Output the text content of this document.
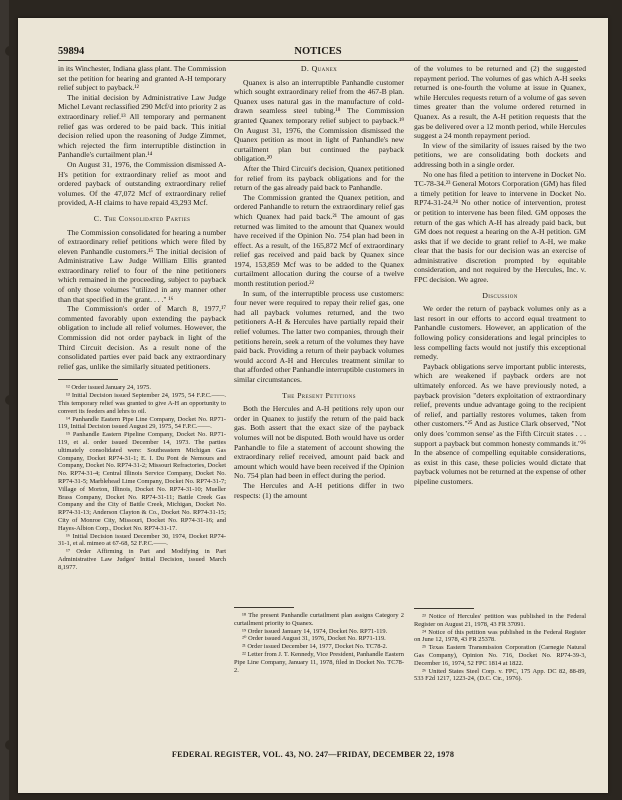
59894	NOTICES

in its Winchester, Indiana glass plant. The Commission set the petition for hearing and granted A-H temporary relief subject to payback.¹²

The initial decision by Administrative Law Judge Michel Levant reclassified 290 Mcf/d into priority 2 as extraordinary relief.¹³ All temporary and permanent relief gas was ordered to be paid back. This initial decision relied upon the reasoning of Judge Zimmet, which rejected the firm interruptible distinction in Panhandle's curtailment plan.¹⁴

On August 31, 1976, the Commission dismissed A-H's petition for extraordinary relief as moot and ordered payback of outstanding extraordinary relief volumes. Of the 47,072 Mcf of extraordinary relief provided, A-H claims to have repaid 43,293 Mcf.

C. The Consolidated Parties

The Commission consolidated for hearing a number of extraordinary relief petitions which were filed by eleven Panhandle customers.¹⁵ The initial decision of Administrative Law Judge William Ellis granted extraordinary relief to four of the nine petitioners which remained in the proceeding, subject to payback of only those volumes "utilized in any manner other than that specified in the grant. . . ." ¹⁶

The Commission's order of March 8, 1977,¹⁷ commented favorably upon extending the payback obligation to include all relief volumes. However, the Commission did not order payback in light of the Third Circuit decision. As a result none of the consolidated parties ever paid back any extraordinary relief gas, unlike the similarly situated petitioners.

¹² Order issued January 24, 1975.

¹³ Initial Decision issued September 24, 1975, 54 F.P.C.——. This temporary relief was granted to give A-H an opportunity to convert its feeders and lehrs to oil.

¹⁴ Panhandle Eastern Pipe Line Company, Docket No. RP71-119, Initial Decision issued August 29, 1975, 54 F.P.C.——.

¹⁵ Panhandle Eastern Pipeline Company, Docket No. RP71-119, et al. order issued December 14, 1973. The parties ultimately consolidated were: Southeastern Michigan Gas Company, Docket RP74-31-1; E. I. Du Pont de Nemours and Company, Docket No. RP74-31-2; Missouri Refractories, Docket No. RP74-31-4; Central Illinois Service Company, Docket No. RP74-31-5; Marblehead Lime Company, Docket No. RP74-31-7; Village of Morton, Illinois, Docket No. RP74-31-10; Mueller Brass Company, Docket No. RP74-31-11; Battle Creek Gas Company and the City of Battle Creek, Michigan, Docket No. RP74-31-13; Anderson Clayton & Co., Docket No. RP74-31-15; City of Monroe City, Missouri, Docket No. RP74-31-16; and Hayes-Albion Corp., Docket No. RP74-31-17.

¹⁶ Initial Decision issued December 30, 1974, Docket RP74-31-1, et al. mimeo at 67-68, 52 F.P.C.——.

¹⁷ Order Affirming in Part and Modifying in Part Administrative Law Judges' Initial Decision, issued March 8,1977.

D. Quanex

Quanex is also an interruptible Panhandle customer which sought extraordinary relief from the 467-B plan. Quanex uses natural gas in the manufacture of cold-drawn seamless steel tubing.¹⁸ The Commission granted Quanex temporary relief subject to payback.¹⁹ On August 31, 1976, the Commission dismissed the Quanex petition as moot in light of Panhandle's new curtailment plan but continued the payback obligation.²⁰

After the Third Circuit's decision, Quanex petitioned for relief from its payback obligations and for the return of the gas already paid back to Panhandle.

The Commission granted the Quanex petition, and ordered Panhandle to return the extraordinary relief gas which Quanex had paid back.²¹ The amount of gas returned was limited to the amount that Quanex would have received if the Opinion No. 754 plan had been in effect. As a result, of the 165,872 Mcf of extraordinary relief gas received and paid back by Quanex since 1974, 153,859 Mcf was to be added to the Quanex curtailment allocation during the course of a twelve month restitution period.²²

In sum, of the interruptible process use customers: four never were required to repay their relief gas, one had all payback volumes returned, and the two petitioners A-H & Hercules have partially repaid their relief volumes. The latter two companies, through their petitions herein, seek a return of the volumes they have paid back. Providing a return of their payback volumes would accord A-H and Hercules treatment similar to that afforded other Panhandle interruptible customers in similar circumstances.

The Present Petitions

Both the Hercules and A-H petitions rely upon our order in Quanex to justify the return of the paid back gas. Both assert that the exact size of the payback volumes will not be disputed. Both would have us order Panhandle to file a statement of account showing the extraordinary relief received, amount paid back and amount which would have been received if the Opinion No. 754 plan had been in effect during the period.

The Hercules and A-H petitions differ in two respects: (1) the amount

¹⁸ The present Panhandle curtailment plan assigns Category 2 curtailment priority to Quanex.

¹⁹ Order issued January 14, 1974, Docket No. RP71-119.

²⁰ Order issued August 31, 1976, Docket No. RP71-119.

²¹ Order issued December 14, 1977, Docket No. TC78-2.

²² Letter from J. T. Kennedy, Vice President, Panhandle Eastern Pipe Line Company, January 11, 1978, filed in Docket No. TC78-2.

of the volumes to be returned and (2) the suggested repayment period. The volumes of gas which A-H seeks returned is one-fourth the volume at issue in Quanex, while Hercules requests return of a volume of gas seven times greater than the volume ordered returned in Quanex. As a result, the A-H petition requests that the gas be delivered over a 12 month period, while Hercules suggest a 24 month repayment period.

In view of the similarity of issues raised by the two petitions, we are consolidating both dockets and addressing both in a single order.

No one has filed a petition to intervene in Docket No. TC-78-34.²³ General Motors Corporation (GM) has filed a timely petition for leave to intervene in Docket No. RP74-31-24.²⁴ No other notice of intervention, protest or petition to intervene has been filed. GM opposes the return of the gas which A-H has already paid back, but GM does not request a hearing on the A-H petition. GM asks that if we decide to grant relief to A-H, we make clear that the basis for our decision was an exercise of administrative discretion prompted by equitable consideration, and not required by the Hercules, Inc. v. FPC decision. We agree.

Discussion

We order the return of payback volumes only as a last resort in our efforts to accord equal treatment to Panhandle customers. However, an application of the following policy considerations and legal principles to less compelling facts would not justify this exceptional remedy.

Payback obligations serve important public interests, which are weakened if payback orders are not ultimately enforced. As we have previously noted, a payback provision "deters exploitation of extraordinary relief, prevents undue advantage going to the recipient of relief, and partially restores volumes, taken from other customers."²⁵ And as Justice Clark observed, "Not only does 'common sense' as the Fifth Circuit states . . . support a payback but common honesty commands it."²⁶ In the absence of compelling equitable considerations, as exist in this case, these policies would dictate that payback volumes not be returned at the expense of other pipeline customers.

²³ Notice of Hercules' petition was published in the Federal Register on August 21, 1978, 43 FR 37091.

²⁴ Notice of this petition was published in the Federal Register on June 12, 1978, 43 FR 25378.

²⁵ Texas Eastern Transmission Corporation (Carnegie Natural Gas Company), Opinion No. 716, Docket No. RP74-39-3, December 16, 1974, 52 FPC 1814 at 1822.

²⁶ United States Steel Corp. v. FPC, 175 App. DC 82, 88-89, 533 F2d 1217, 1223-24, (D.C. Cir., 1976).

FEDERAL REGISTER, VOL. 43, NO. 247—FRIDAY, DECEMBER 22, 1978
